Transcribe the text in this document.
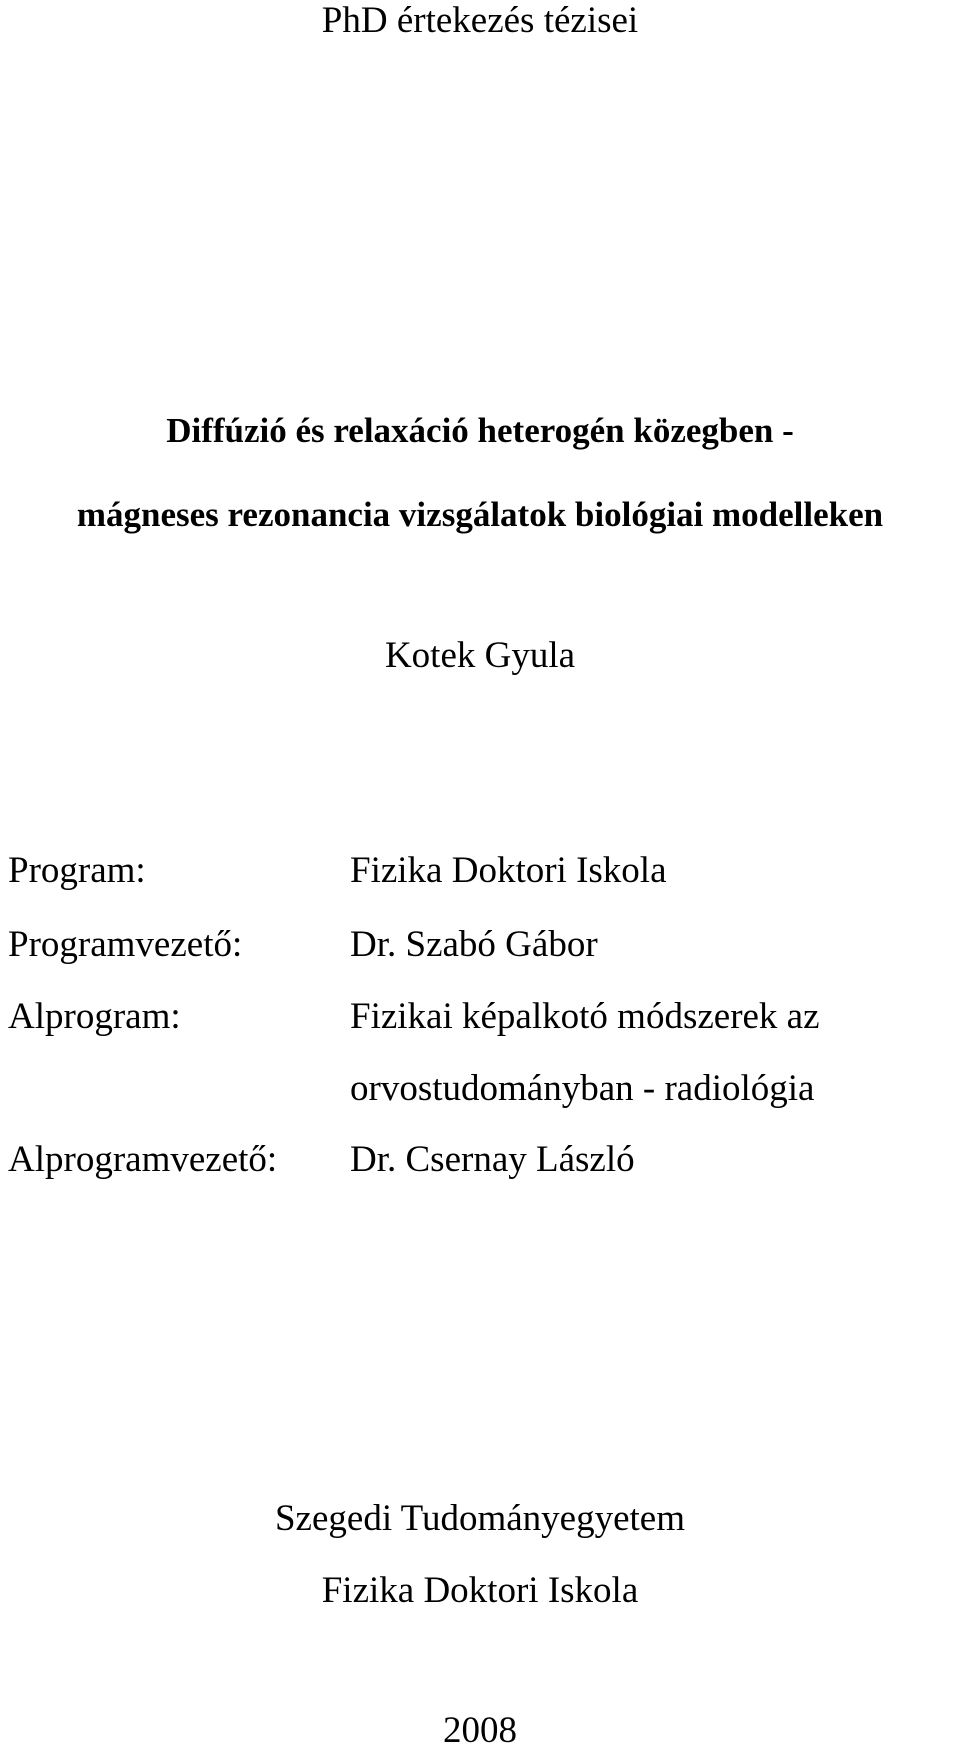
PhD értekezés tézisei
Diffúzió és relaxáció heterogén közegben -
mágneses rezonancia vizsgálatok biológiai modelleken
Kotek Gyula
Program:	Fizika Doktori Iskola
Programvezető:	Dr. Szabó Gábor
Alprogram:	Fizikai képalkotó módszerek az
orvostudományban - radiológia
Alprogramvezető: Dr. Csernay László
Szegedi Tudományegyetem
Fizika Doktori Iskola
2008
